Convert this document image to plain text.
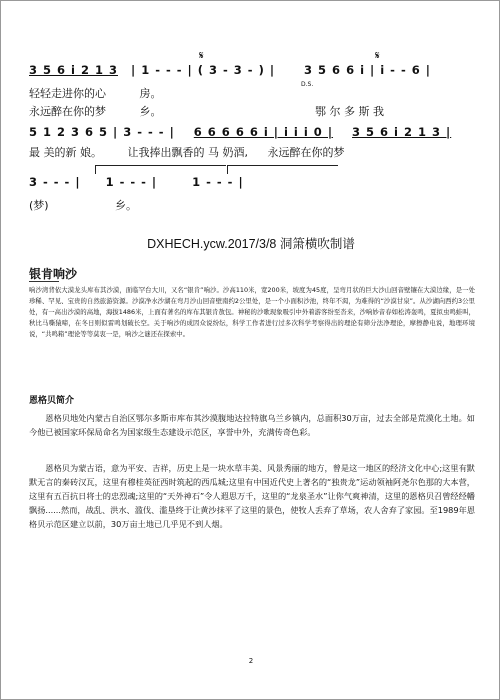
3 5 6 i 2 1 3 | 1 - - - | ( 3 - 3 - ) |	3 5 6 6 i | i - - 6 |
𝄋	𝄋
D.S.
轻轻走进你的心	房。
永远醉在你的梦	乡。	鄂 尔 多 斯 我
5 1 2 3 6 5 | 3 - - - | 6 6 6 6 6 i | i i i 0 | 3 5 6 i 2 1 3 |
最 美的新 娘。 让我捧出飘香的 马 奶酒, 永远醉在你的梦
3 - - - | 1 - - - |	1 - - - |
(梦)	乡。
DXHECH.ycw.2017/3/8 洞箫横吹制谱
银肯响沙
响沙湾背依大漠龙头库布其沙漠，面临罕台大川，又名“银肯”响沙。沙高110米，宽200米，坡度为45度，呈弯月状的巨大沙山回音壁镶在大漠边缘，是一处珍稀、罕见、宝贵的自然旅游资源。沙漠净水沙湖在弯月沙山回音壁南约2公里处，是一个小面积沙池，终年不渴，为难得的“沙漠甘泉”。从沙湖向西约3公里处，有一高出沙漠的高地，海拔1486米，上面有著名的库布其银肯敖包。神秘的沙歌现象吸引中外着游客纷至沓来，沙响妙音春如松涛轰鸣，夏拟虫鸣蛙叫，秋比马嘶猿啼，在冬日则似雷鸣划破长空。关于响沙的成因众说纷纭，科学工作者进行过多次科学考察得出的理论有筛分法净理论，摩擦静电说，地理环境说，“共鸣箱”理论等等莫衷一是，响沙之谜还在探索中。
恩格贝简介
恩格贝地处内蒙古自治区鄂尔多斯市库布其沙漠腹地达拉特旗乌兰乡镇内，总面积30万亩，过去全部是荒漠化土地。如今他已被国家环保局命名为国家级生态建设示范区，享誉中外，充满传奇色彩。
恩格贝为蒙古语，意为平安、吉祥，历史上是一块水草丰美、风景秀丽的地方，曾是这一地区的经济文化中心;这里有默默无言的秦砖汉瓦，这里有穆桂英征西时筑起的西瓜城;这里有中国近代史上著名的“独贵龙”运动领袖阿尧尔色那的大本营，这里有五百抗日将士的忠烈魂;这里的“天外神石”令人遐思万千，这里的“龙泉圣水”让你气爽神清，这里的恩格贝召曾经经幡飘扬......然而，战乱、洪水、滥伐、滥垦终于让黄沙抹平了这里的景色，使牧人丢弃了草场，农人舍弃了家园。至1989年恩格贝示范区建立以前，30万亩土地已几乎见不到人烟。
2
